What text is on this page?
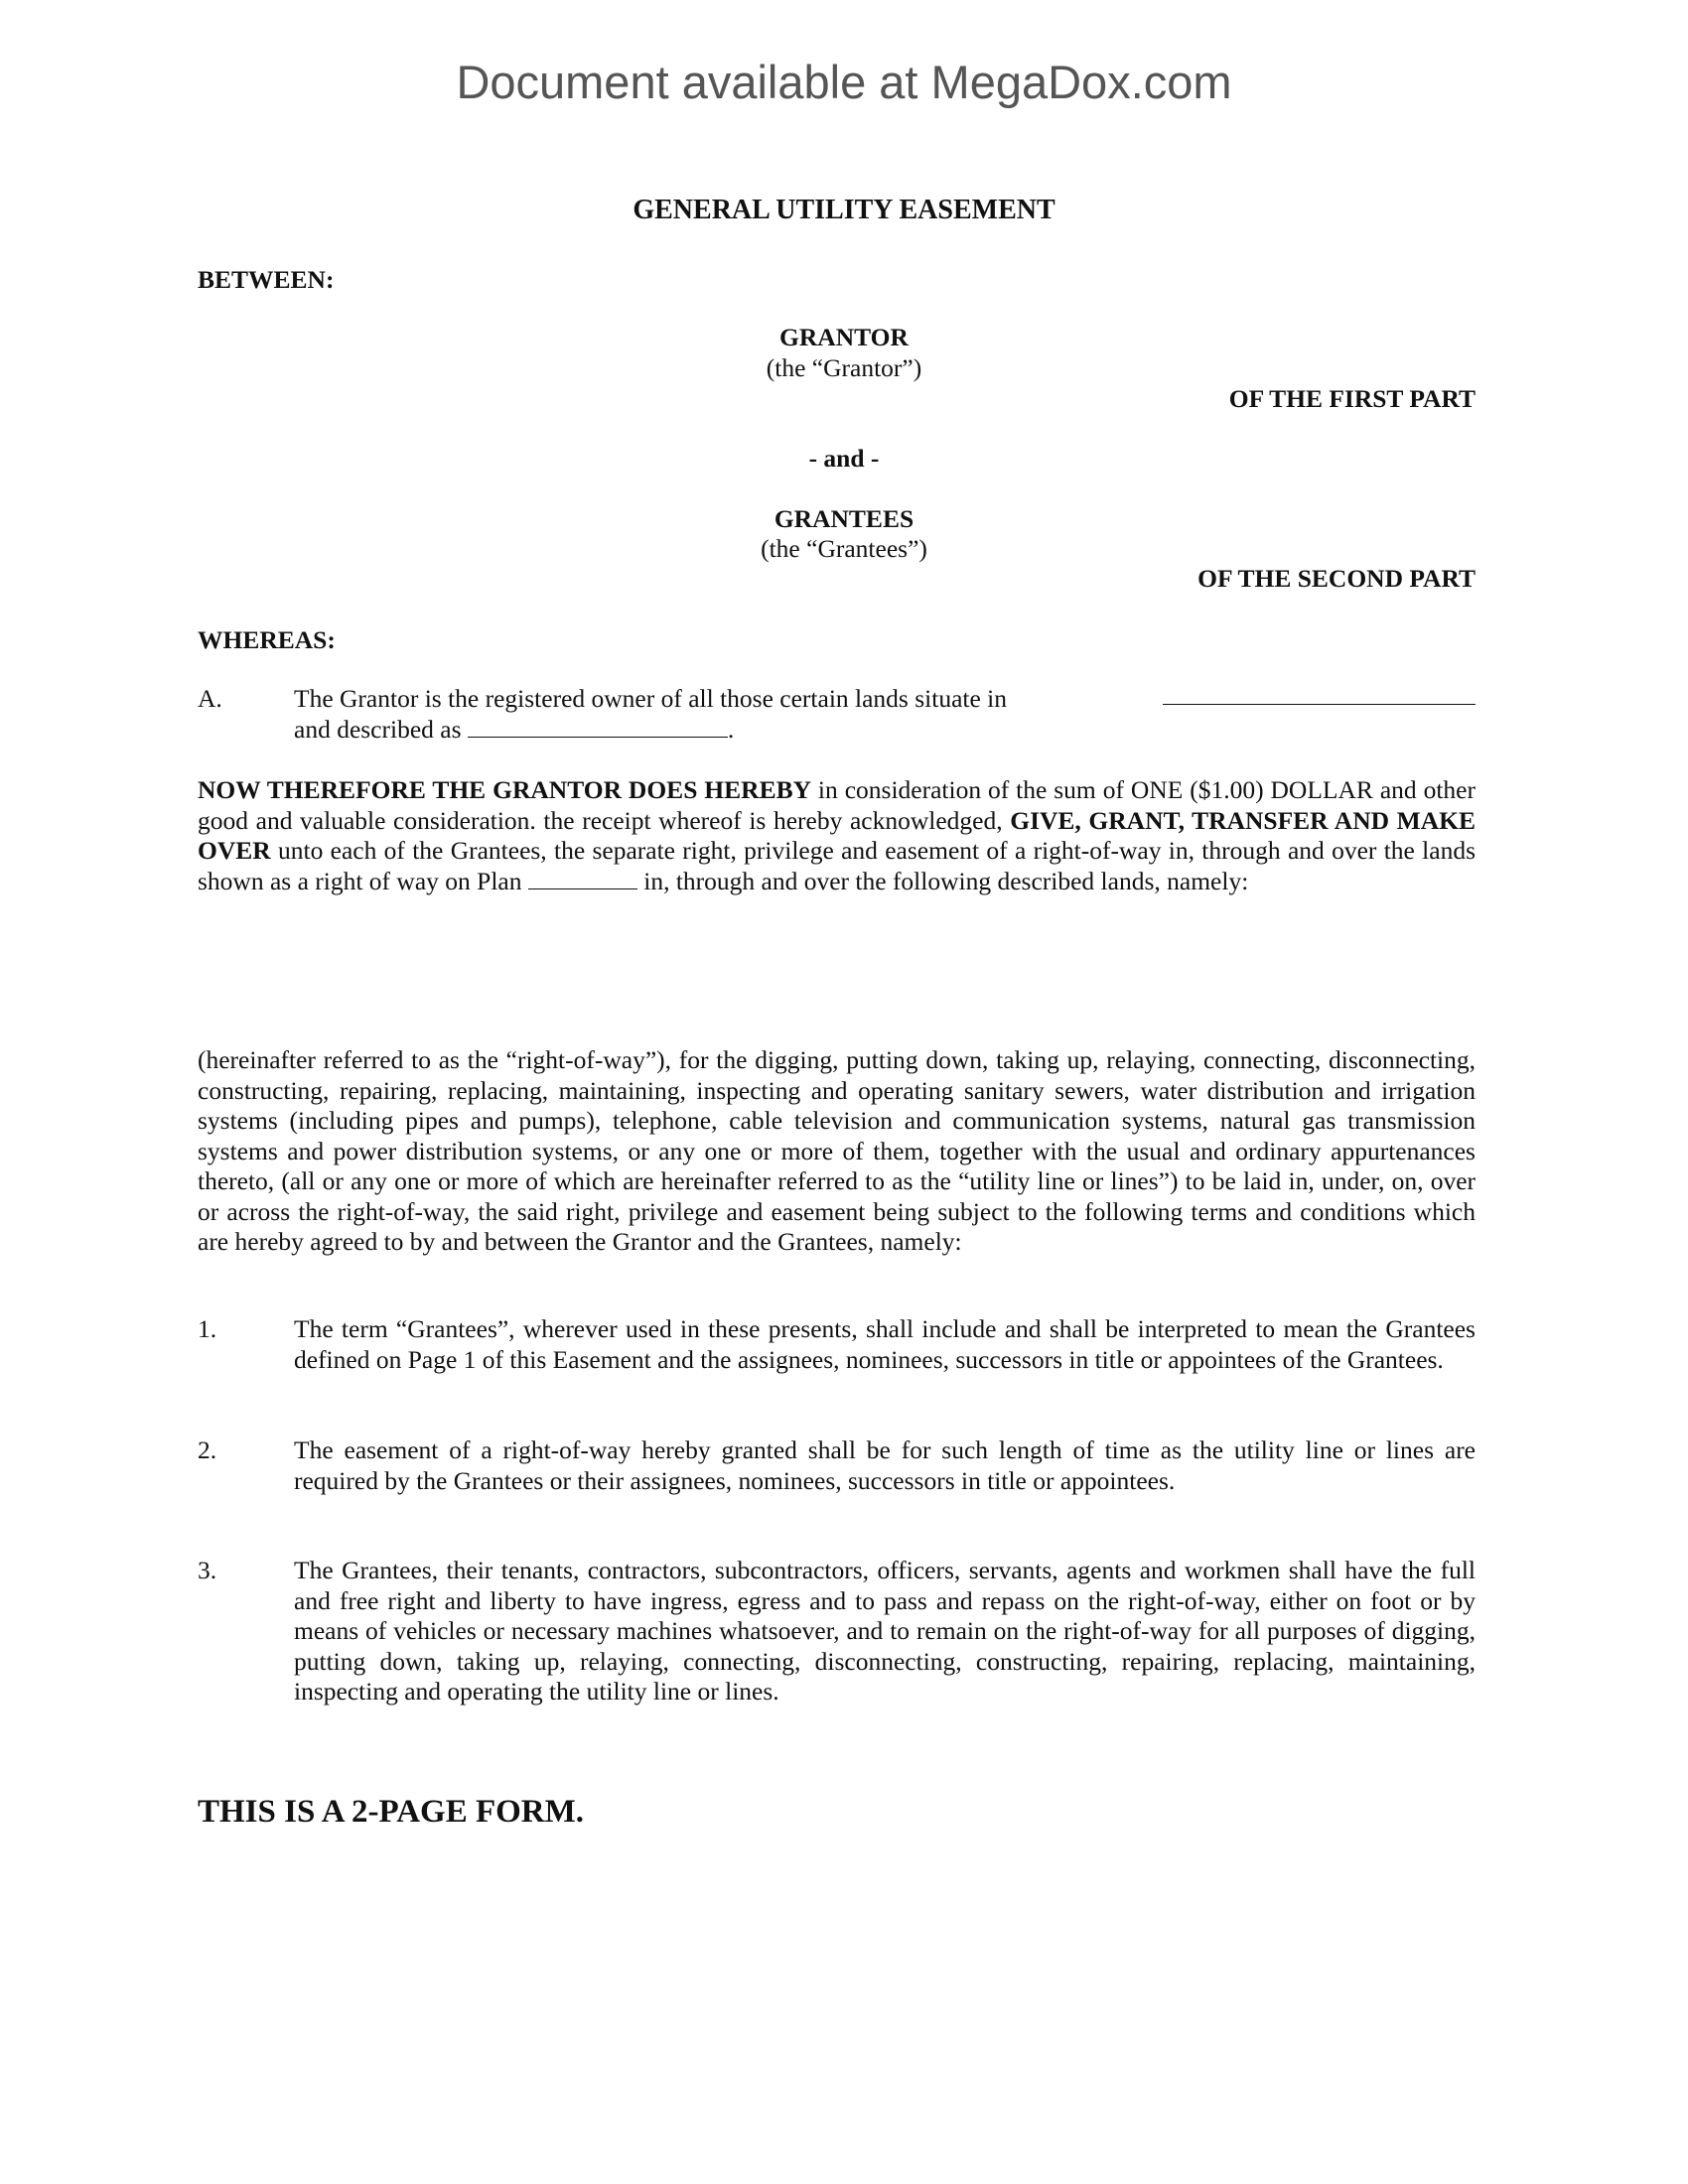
Document available at MegaDox.com
GENERAL UTILITY EASEMENT
BETWEEN:
GRANTOR
(the “Grantor”)
OF THE FIRST PART
- and -
GRANTEES
(the “Grantees”)
OF THE SECOND PART
WHEREAS:
A.	The Grantor is the registered owner of all those certain lands situate in

and described as	.
NOW THEREFORE THE GRANTOR DOES HEREBY in consideration of the sum of ONE ($1.00) DOLLAR and other good and valuable consideration. the receipt whereof is hereby acknowledged, GIVE, GRANT, TRANSFER AND MAKE OVER unto each of the Grantees, the separate right, privilege and easement of a right-of-way in, through and over the lands shown as a right of way on Plan	in, through and over the following described lands, namely:
(hereinafter referred to as the “right-of-way”), for the digging, putting down, taking up, relaying, connecting, disconnecting, constructing, repairing, replacing, maintaining, inspecting and operating sanitary sewers, water distribution and irrigation systems (including pipes and pumps), telephone, cable television and communication systems, natural gas transmission systems and power distribution systems, or any one or more of them, together with the usual and ordinary appurtenances thereto, (all or any one or more of which are hereinafter referred to as the “utility line or lines”) to be laid in, under, on, over or across the right-of-way, the said right, privilege and easement being subject to the following terms and conditions which are hereby agreed to by and between the Grantor and the Grantees, namely:
1.	The term “Grantees”, wherever used in these presents, shall include and shall be interpreted to mean the Grantees defined on Page 1 of this Easement and the assignees, nominees, successors in title or appointees of the Grantees.
2.	The easement of a right-of-way hereby granted shall be for such length of time as the utility line or lines are required by the Grantees or their assignees, nominees, successors in title or appointees.
3.	The Grantees, their tenants, contractors, subcontractors, officers, servants, agents and workmen shall have the full and free right and liberty to have ingress, egress and to pass and repass on the right-of-way, either on foot or by means of vehicles or necessary machines whatsoever, and to remain on the right-of-way for all purposes of digging, putting down, taking up, relaying, connecting, disconnecting, constructing, repairing, replacing, maintaining, inspecting and operating the utility line or lines.
THIS IS A 2-PAGE FORM.
